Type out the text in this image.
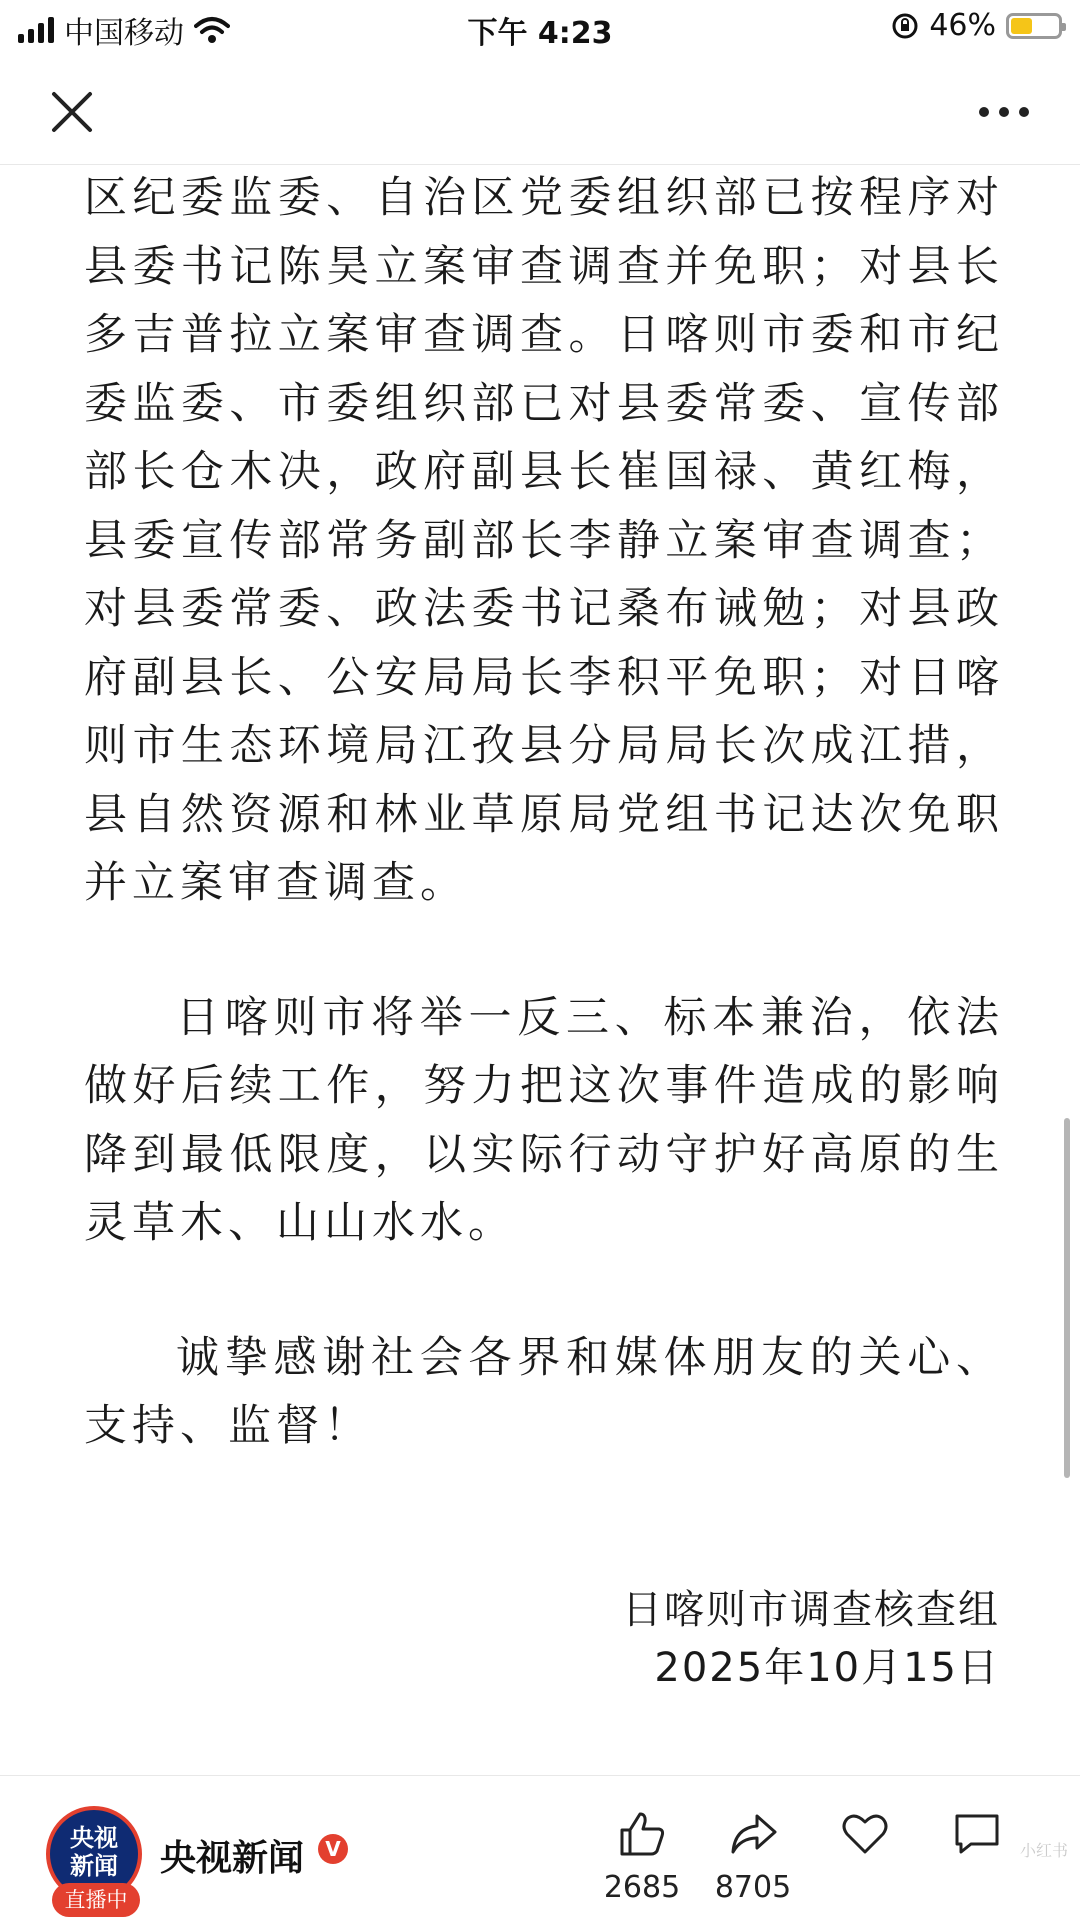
中国移动	下午 4:23	46%

区纪委监委、自治区党委组织部已按程序对县委书记陈昊立案审查调查并免职；对县长多吉普拉立案审查调查。日喀则市委和市纪委监委、市委组织部已对县委常委、宣传部部长仓木决，政府副县长崔国禄、黄红梅，县委宣传部常务副部长李静立案审查调查；对县委常委、政法委书记桑布诫勉；对县政府副县长、公安局局长李积平免职；对日喀则市生态环境局江孜县分局局长次成江措，县自然资源和林业草原局党组书记达次免职并立案审查调查。

日喀则市将举一反三、标本兼治，依法做好后续工作，努力把这次事件造成的影响降到最低限度，以实际行动守护好高原的生灵草木、山山水水。

诚挚感谢社会各界和媒体朋友的关心、支持、监督！

日喀则市调查核查组
2025年10月15日
央视
新闻
直播中
央视新闻	V
2685 8705
小红书
